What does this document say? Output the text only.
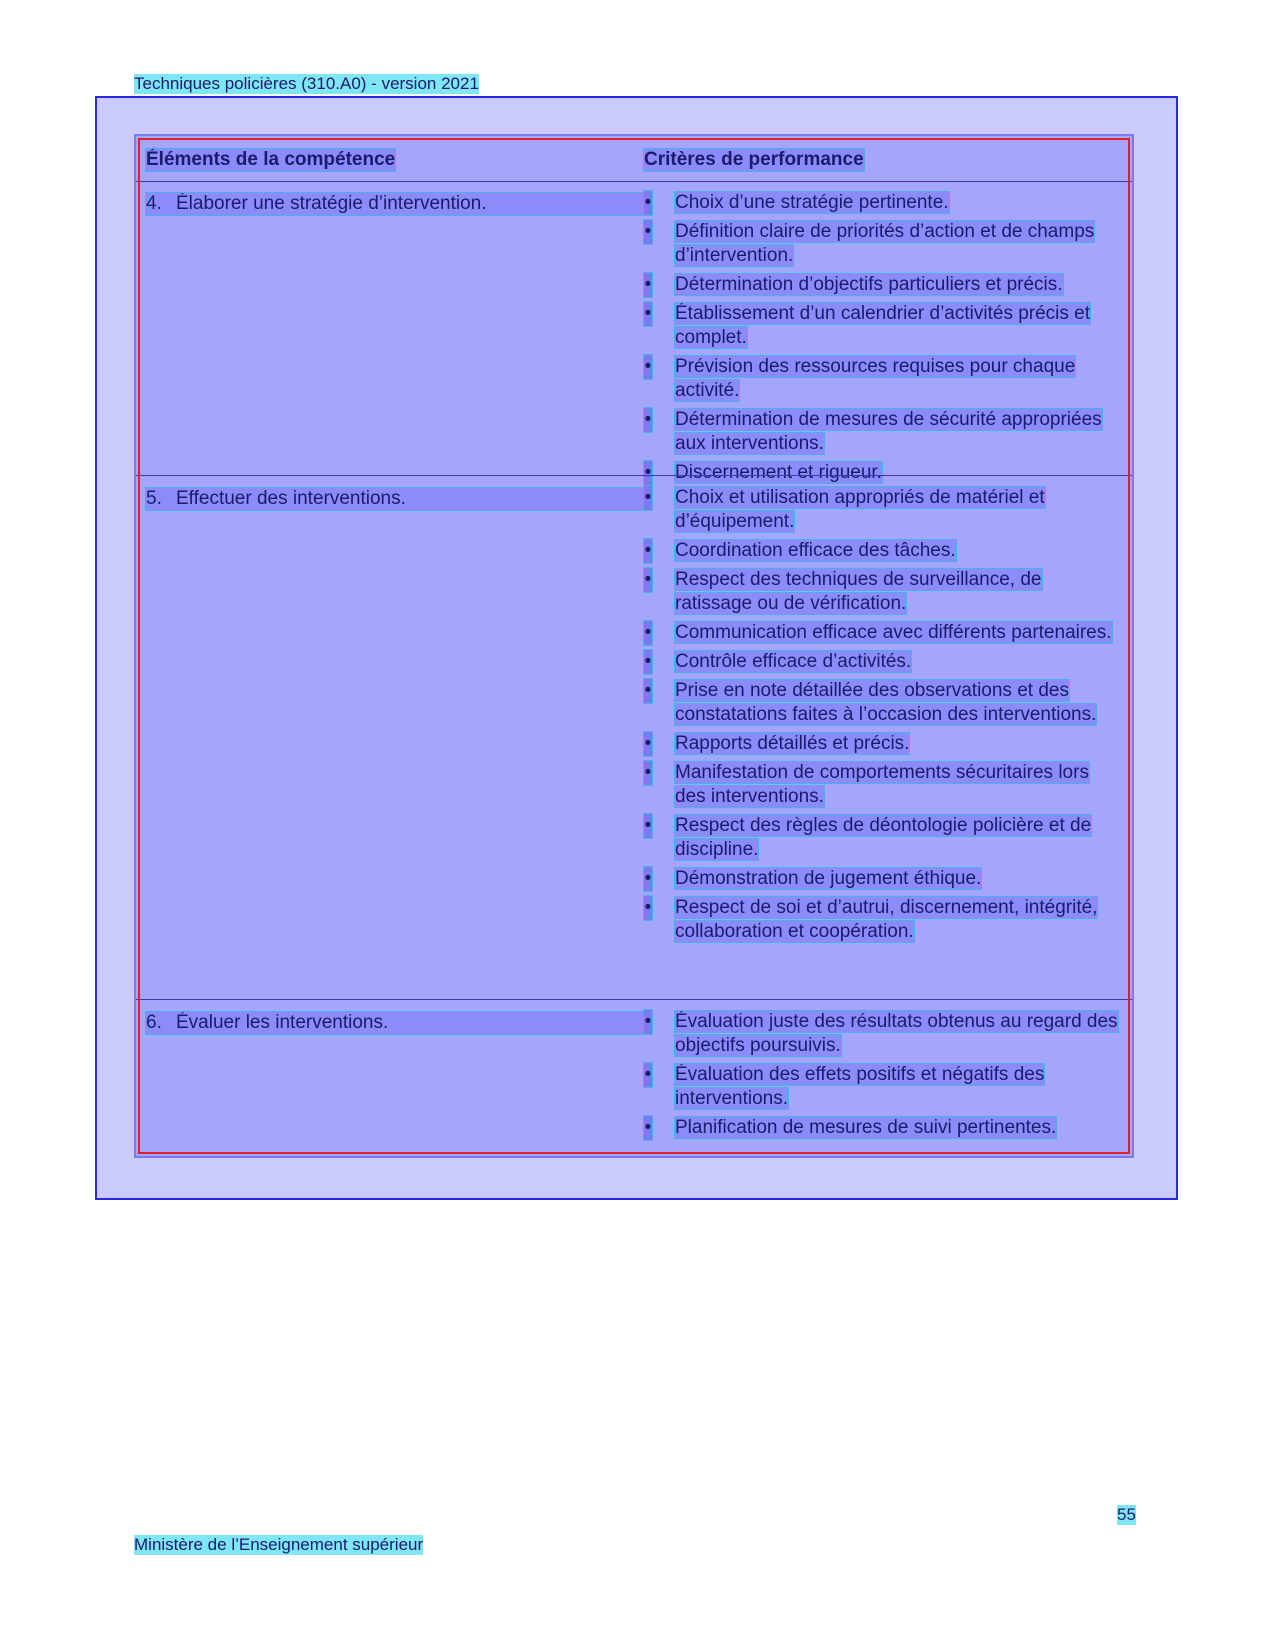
Techniques policières (310.A0) - version 2021
Éléments de la compétence	Critères de performance
4. Élaborer une stratégie d’intervention.	• Choix d’une stratégie pertinente.
• Définition claire de priorités d’action et de champs d’intervention.
• Détermination d’objectifs particuliers et précis.
• Établissement d’un calendrier d’activités précis et complet.
• Prévision des ressources requises pour chaque activité.
• Détermination de mesures de sécurité appropriées aux interventions.
• Discernement et rigueur.
5. Effectuer des interventions.	• Choix et utilisation appropriés de matériel et d’équipement.
• Coordination efficace des tâches.
• Respect des techniques de surveillance, de ratissage ou de vérification.
• Communication efficace avec différents partenaires.
• Contrôle efficace d’activités.
• Prise en note détaillée des observations et des constatations faites à l’occasion des interventions.
• Rapports détaillés et précis.
• Manifestation de comportements sécuritaires lors des interventions.
• Respect des règles de déontologie policière et de discipline.
• Démonstration de jugement éthique.
• Respect de soi et d’autrui, discernement, intégrité, collaboration et coopération.
6. Évaluer les interventions.	• Évaluation juste des résultats obtenus au regard des objectifs poursuivis.
• Évaluation des effets positifs et négatifs des interventions.
• Planification de mesures de suivi pertinentes.
55
Ministère de l’Enseignement supérieur
